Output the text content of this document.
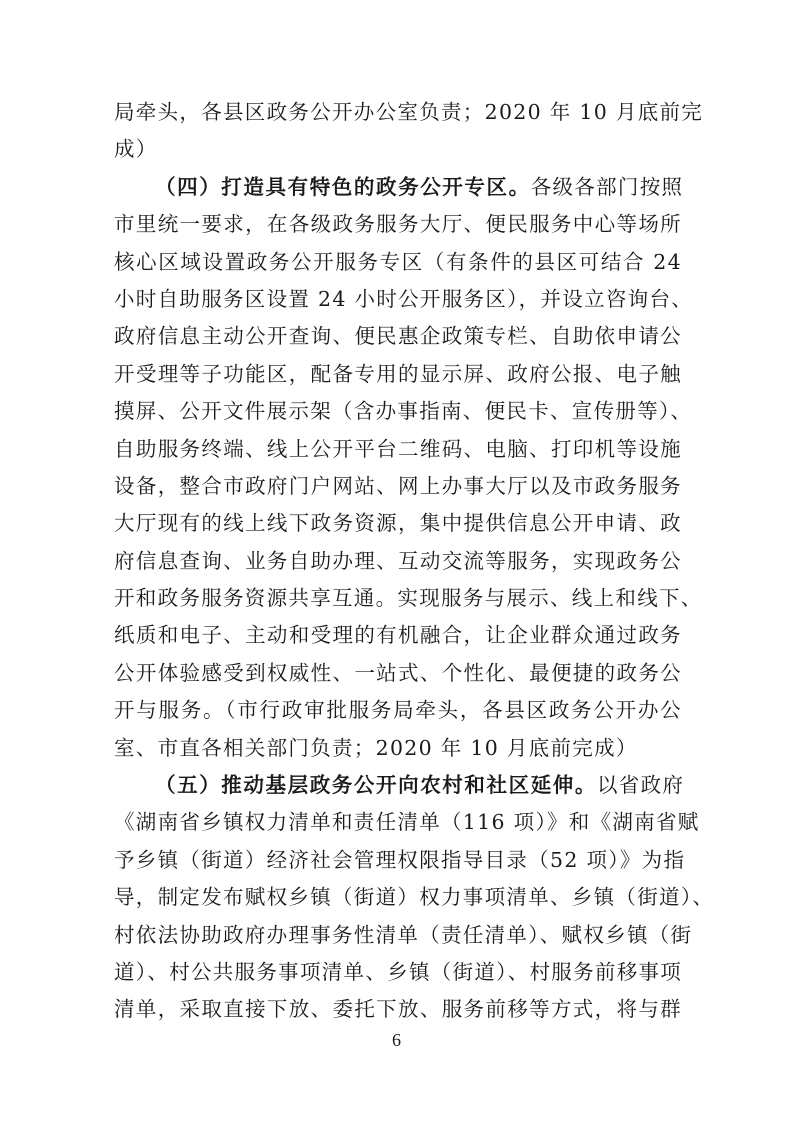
局牵头，各县区政务公开办公室负责；2020 年 10 月底前完
成）
（四）打造具有特色的政务公开专区。各级各部门按照
市里统一要求，在各级政务服务大厅、便民服务中心等场所
核心区域设置政务公开服务专区（有条件的县区可结合 24
小时自助服务区设置 24 小时公开服务区），并设立咨询台、
政府信息主动公开查询、便民惠企政策专栏、自助依申请公
开受理等子功能区，配备专用的显示屏、政府公报、电子触
摸屏、公开文件展示架（含办事指南、便民卡、宣传册等）、
自助服务终端、线上公开平台二维码、电脑、打印机等设施
设备，整合市政府门户网站、网上办事大厅以及市政务服务
大厅现有的线上线下政务资源，集中提供信息公开申请、政
府信息查询、业务自助办理、互动交流等服务，实现政务公
开和政务服务资源共享互通。实现服务与展示、线上和线下、
纸质和电子、主动和受理的有机融合，让企业群众通过政务
公开体验感受到权威性、一站式、个性化、最便捷的政务公
开与服务。（市行政审批服务局牵头，各县区政务公开办公
室、市直各相关部门负责；2020 年 10 月底前完成）
（五）推动基层政务公开向农村和社区延伸。以省政府
《湖南省乡镇权力清单和责任清单（116 项）》和《湖南省赋
予乡镇（街道）经济社会管理权限指导目录（52 项）》为指
导，制定发布赋权乡镇（街道）权力事项清单、乡镇（街道）、
村依法协助政府办理事务性清单（责任清单）、赋权乡镇（街
道）、村公共服务事项清单、乡镇（街道）、村服务前移事项
清单，采取直接下放、委托下放、服务前移等方式，将与群
6
